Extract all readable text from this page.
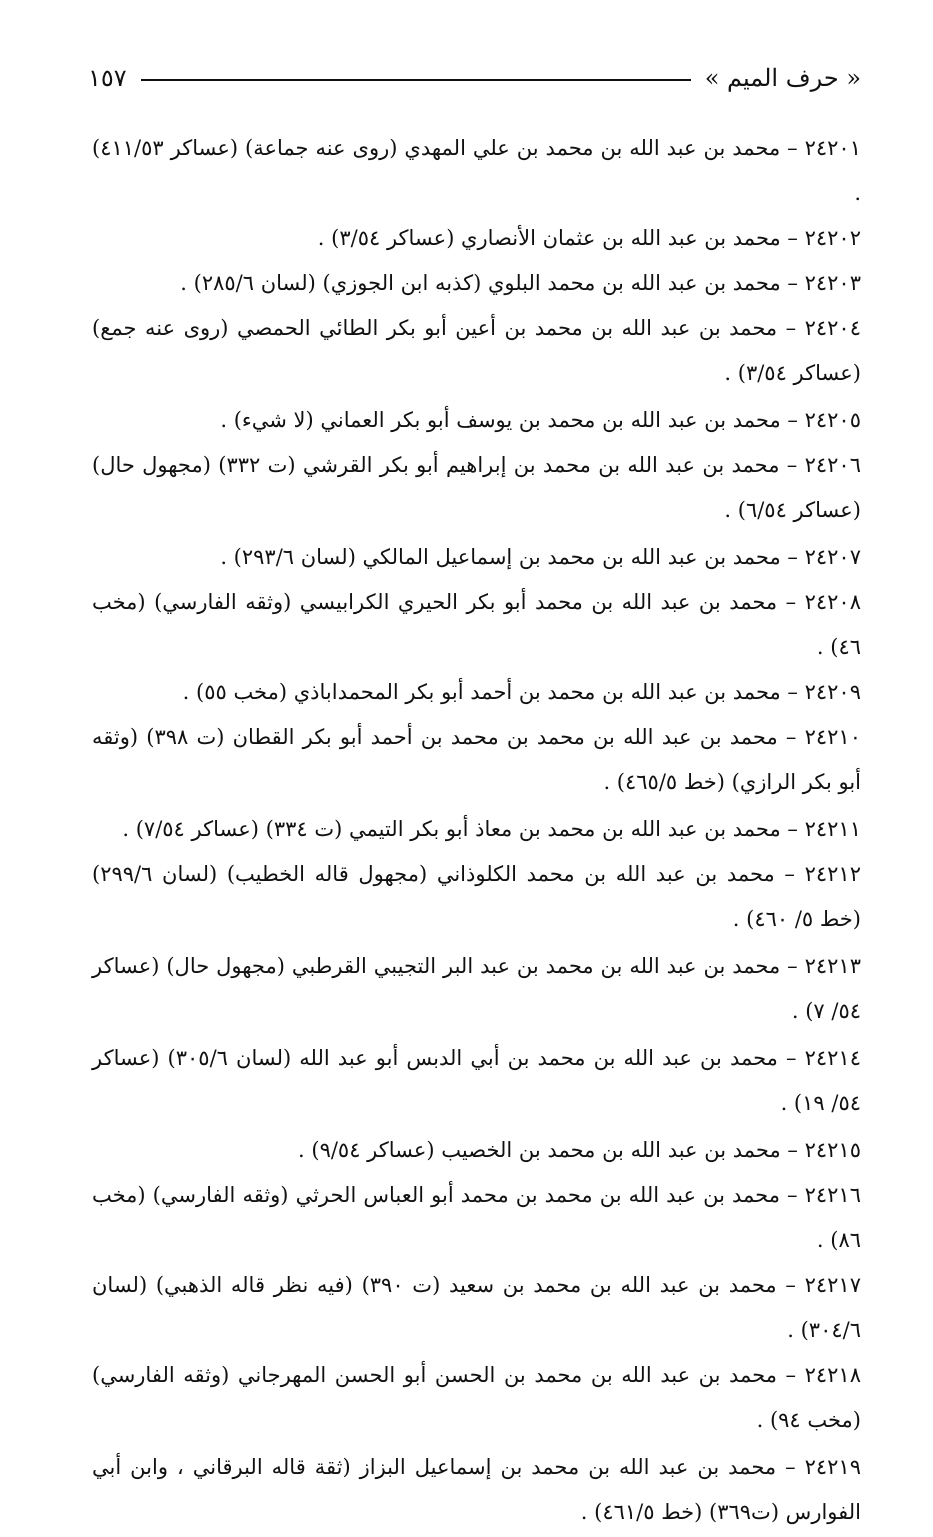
« حرف الميم »
١٥٧

٢٤٢٠١ – محمد بن عبد الله بن محمد بن علي المهدي (روى عنه جماعة) (عساكر ٤١١/٥٣) .

٢٤٢٠٢ – محمد بن عبد الله بن عثمان الأنصاري (عساكر ٣/٥٤) .

٢٤٢٠٣ – محمد بن عبد الله بن محمد البلوي (كذبه ابن الجوزي) (لسان ٢٨٥/٦) .

٢٤٢٠٤ – محمد بن عبد الله بن محمد بن أعين أبو بكر الطائي الحمصي (روى عنه جمع) (عساكر ٣/٥٤) .

٢٤٢٠٥ – محمد بن عبد الله بن محمد بن يوسف أبو بكر العماني (لا شيء) .

٢٤٢٠٦ – محمد بن عبد الله بن محمد بن إبراهيم أبو بكر القرشي (ت ٣٣٢) (مجهول حال) (عساكر ٦/٥٤) .

٢٤٢٠٧ – محمد بن عبد الله بن محمد بن إسماعيل المالكي (لسان ٢٩٣/٦) .

٢٤٢٠٨ – محمد بن عبد الله بن محمد أبو بكر الحيري الكرابيسي (وثقه الفارسي) (مخب ٤٦) .

٢٤٢٠٩ – محمد بن عبد الله بن محمد بن أحمد أبو بكر المحمداباذي (مخب ٥٥) .

٢٤٢١٠ – محمد بن عبد الله بن محمد بن محمد بن أحمد أبو بكر القطان (ت ٣٩٨) (وثقه أبو بكر الرازي) (خط ٤٦٥/٥) .

٢٤٢١١ – محمد بن عبد الله بن محمد بن معاذ أبو بكر التيمي (ت ٣٣٤) (عساكر ٧/٥٤) .

٢٤٢١٢ – محمد بن عبد الله بن محمد الكلوذاني (مجهول قاله الخطيب) (لسان ٢٩٩/٦) (خط ٥/ ٤٦٠) .

٢٤٢١٣ – محمد بن عبد الله بن محمد بن عبد البر التجيبي القرطبي (مجهول حال) (عساكر ٥٤/ ٧) .

٢٤٢١٤ – محمد بن عبد الله بن محمد بن أبي الدبس أبو عبد الله (لسان ٣٠٥/٦) (عساكر ٥٤/ ١٩) .

٢٤٢١٥ – محمد بن عبد الله بن محمد بن الخصيب (عساكر ٩/٥٤) .

٢٤٢١٦ – محمد بن عبد الله بن محمد بن محمد أبو العباس الحرثي (وثقه الفارسي) (مخب ٨٦) .

٢٤٢١٧ – محمد بن عبد الله بن محمد بن سعيد (ت ٣٩٠) (فيه نظر قاله الذهبي) (لسان ٣٠٤/٦) .

٢٤٢١٨ – محمد بن عبد الله بن محمد بن الحسن أبو الحسن المهرجاني (وثقه الفارسي) (مخب ٩٤) .

٢٤٢١٩ – محمد بن عبد الله بن محمد بن إسماعيل البزاز (ثقة قاله البرقاني ، وابن أبي الفوارس (ت٣٦٩) (خط ٤٦١/٥) .
